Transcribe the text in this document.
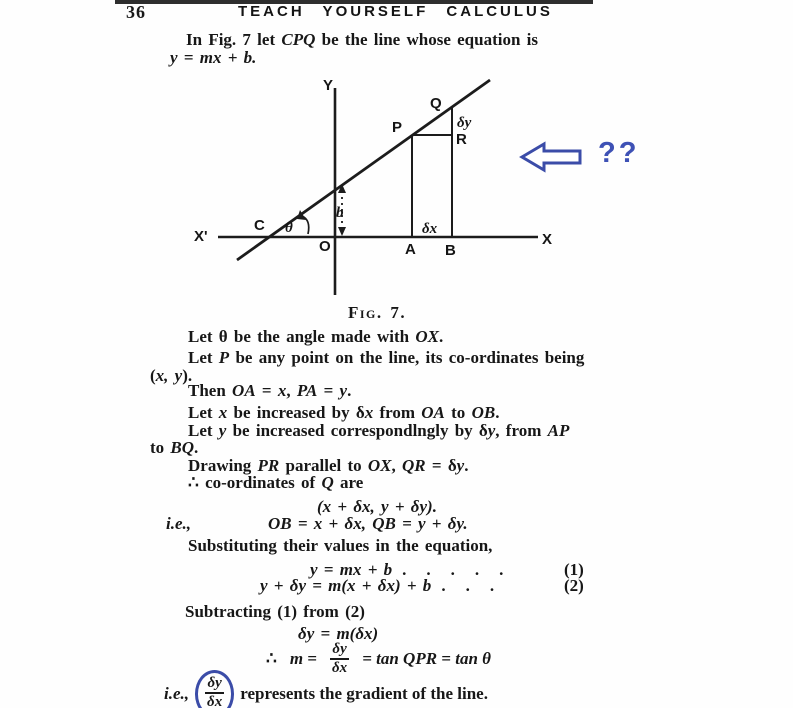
36	TEACH YOURSELF CALCULUS
In Fig. 7 let CPQ be the line whose equation is
y = mx + b.
Fig. 7.
Let θ be the angle made with OX.
Let P be any point on the line, its co-ordinates being
(x, y).
Then OA = x, PA = y.
Let x be increased by δx from OA to OB.
Let y be increased correspondlngly by δy, from AP
to BQ.
Drawing PR parallel to OX, QR = δy.
∴ co-ordinates of Q are
(x + δx, y + δy).
i.e.,	OB = x + δx, QB = y + δy.
Substituting their values in the equation,
y = mx + b ..... (1)
y + δy = m(x + δx) + b ...	(2)
Subtracting (1) from (2)
δy = m(δx)
Y
X'	X
C θ
O	A B
P
Q
R
δy
δx
b
??
∴ $m = \frac{\delta y}{\delta x} = \tan$ QPR = tan θ
i.e., $\frac{\delta y}{\delta x}$ represents the gradient of the line.
